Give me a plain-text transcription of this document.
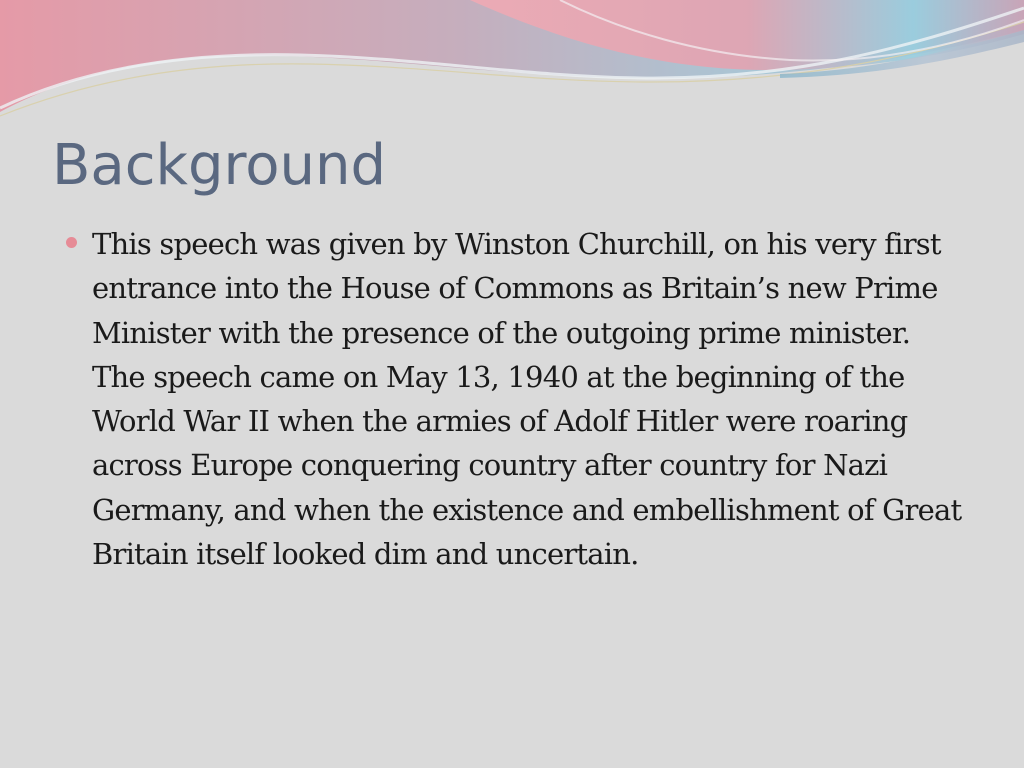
Background
This speech was given by Winston Churchill, on his very first entrance into the House of Commons as Britain’s new Prime Minister with the presence of the outgoing prime minister. The speech came on May 13, 1940 at the beginning of the World War II when the armies of Adolf Hitler were roaring across Europe conquering country after country for Nazi Germany, and when the existence and embellishment of Great Britain itself looked dim and uncertain.
